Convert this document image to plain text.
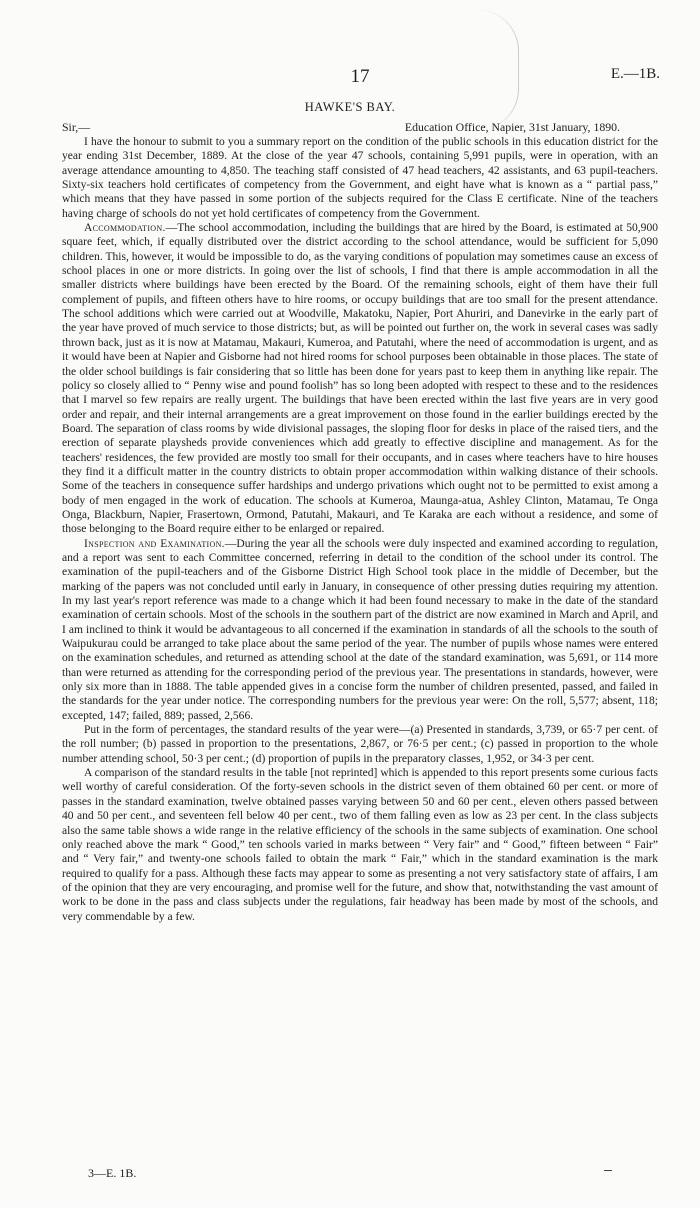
17	E.—1B.
HAWKE'S BAY.
Sir,—	Education Office, Napier, 31st January, 1890.

I have the honour to submit to you a summary report on the condition of the public schools in this education district for the year ending 31st December, 1889. At the close of the year 47 schools, containing 5,991 pupils, were in operation, with an average attendance amounting to 4,850. The teaching staff consisted of 47 head teachers, 42 assistants, and 63 pupil-teachers. Sixty-six teachers hold certificates of competency from the Government, and eight have what is known as a “ partial pass,” which means that they have passed in some portion of the subjects required for the Class E certificate. Nine of the teachers having charge of schools do not yet hold certificates of competency from the Government.

Accommodation.—The school accommodation, including the buildings that are hired by the Board, is estimated at 50,900 square feet, which, if equally distributed over the district according to the school attendance, would be sufficient for 5,090 children. This, however, it would be impossible to do, as the varying conditions of population may sometimes cause an excess of school places in one or more districts. In going over the list of schools, I find that there is ample accommodation in all the smaller districts where buildings have been erected by the Board. Of the remaining schools, eight of them have their full complement of pupils, and fifteen others have to hire rooms, or occupy buildings that are too small for the present attendance. The school additions which were carried out at Woodville, Makatoku, Napier, Port Ahuriri, and Danevirke in the early part of the year have proved of much service to those districts; but, as will be pointed out further on, the work in several cases was sadly thrown back, just as it is now at Matamau, Makauri, Kumeroa, and Patutahi, where the need of accommodation is urgent, and as it would have been at Napier and Gisborne had not hired rooms for school purposes been obtainable in those places. The state of the older school buildings is fair considering that so little has been done for years past to keep them in anything like repair. The policy so closely allied to “ Penny wise and pound foolish” has so long been adopted with respect to these and to the residences that I marvel so few repairs are really urgent. The buildings that have been erected within the last five years are in very good order and repair, and their internal arrangements are a great improvement on those found in the earlier buildings erected by the Board. The separation of class rooms by wide divisional passages, the sloping floor for desks in place of the raised tiers, and the erection of separate playsheds provide conveniences which add greatly to effective discipline and management. As for the teachers' residences, the few provided are mostly too small for their occupants, and in cases where teachers have to hire houses they find it a difficult matter in the country districts to obtain proper accommodation within walking distance of their schools. Some of the teachers in consequence suffer hardships and undergo privations which ought not to be permitted to exist among a body of men engaged in the work of education. The schools at Kumeroa, Maunga-atua, Ashley Clinton, Matamau, Te Onga Onga, Blackburn, Napier, Frasertown, Ormond, Patutahi, Makauri, and Te Karaka are each without a residence, and some of those belonging to the Board require either to be enlarged or repaired.

Inspection and Examination.—During the year all the schools were duly inspected and examined according to regulation, and a report was sent to each Committee concerned, referring in detail to the condition of the school under its control. The examination of the pupil-teachers and of the Gisborne District High School took place in the middle of December, but the marking of the papers was not concluded until early in January, in consequence of other pressing duties requiring my attention. In my last year's report reference was made to a change which it had been found necessary to make in the date of the standard examination of certain schools. Most of the schools in the southern part of the district are now examined in March and April, and I am inclined to think it would be advantageous to all concerned if the examination in standards of all the schools to the south of Waipukurau could be arranged to take place about the same period of the year. The number of pupils whose names were entered on the examination schedules, and returned as attending school at the date of the standard examination, was 5,691, or 114 more than were returned as attending for the corresponding period of the previous year. The presentations in standards, however, were only six more than in 1888. The table appended gives in a concise form the number of children presented, passed, and failed in the standards for the year under notice. The corresponding numbers for the previous year were: On the roll, 5,577; absent, 118; excepted, 147; failed, 889; passed, 2,566.

Put in the form of percentages, the standard results of the year were—(a) Presented in standards, 3,739, or 65·7 per cent. of the roll number; (b) passed in proportion to the presentations, 2,867, or 76·5 per cent.; (c) passed in proportion to the whole number attending school, 50·3 per cent.; (d) proportion of pupils in the preparatory classes, 1,952, or 34·3 per cent.

A comparison of the standard results in the table [not reprinted] which is appended to this report presents some curious facts well worthy of careful consideration. Of the forty-seven schools in the district seven of them obtained 60 per cent. or more of passes in the standard examination, twelve obtained passes varying between 50 and 60 per cent., eleven others passed between 40 and 50 per cent., and seventeen fell below 40 per cent., two of them falling even as low as 23 per cent. In the class subjects also the same table shows a wide range in the relative efficiency of the schools in the same subjects of examination. One school only reached above the mark “ Good,” ten schools varied in marks between “ Very fair” and “ Good,” fifteen between “ Fair” and “ Very fair,” and twenty-one schools failed to obtain the mark “ Fair,” which in the standard examination is the mark required to qualify for a pass. Although these facts may appear to some as presenting a not very satisfactory state of affairs, I am of the opinion that they are very encouraging, and promise well for the future, and show that, notwithstanding the vast amount of work to be done in the pass and class subjects under the regulations, fair headway has been made by most of the schools, and very commendable by a few.

3—E. 1B.
